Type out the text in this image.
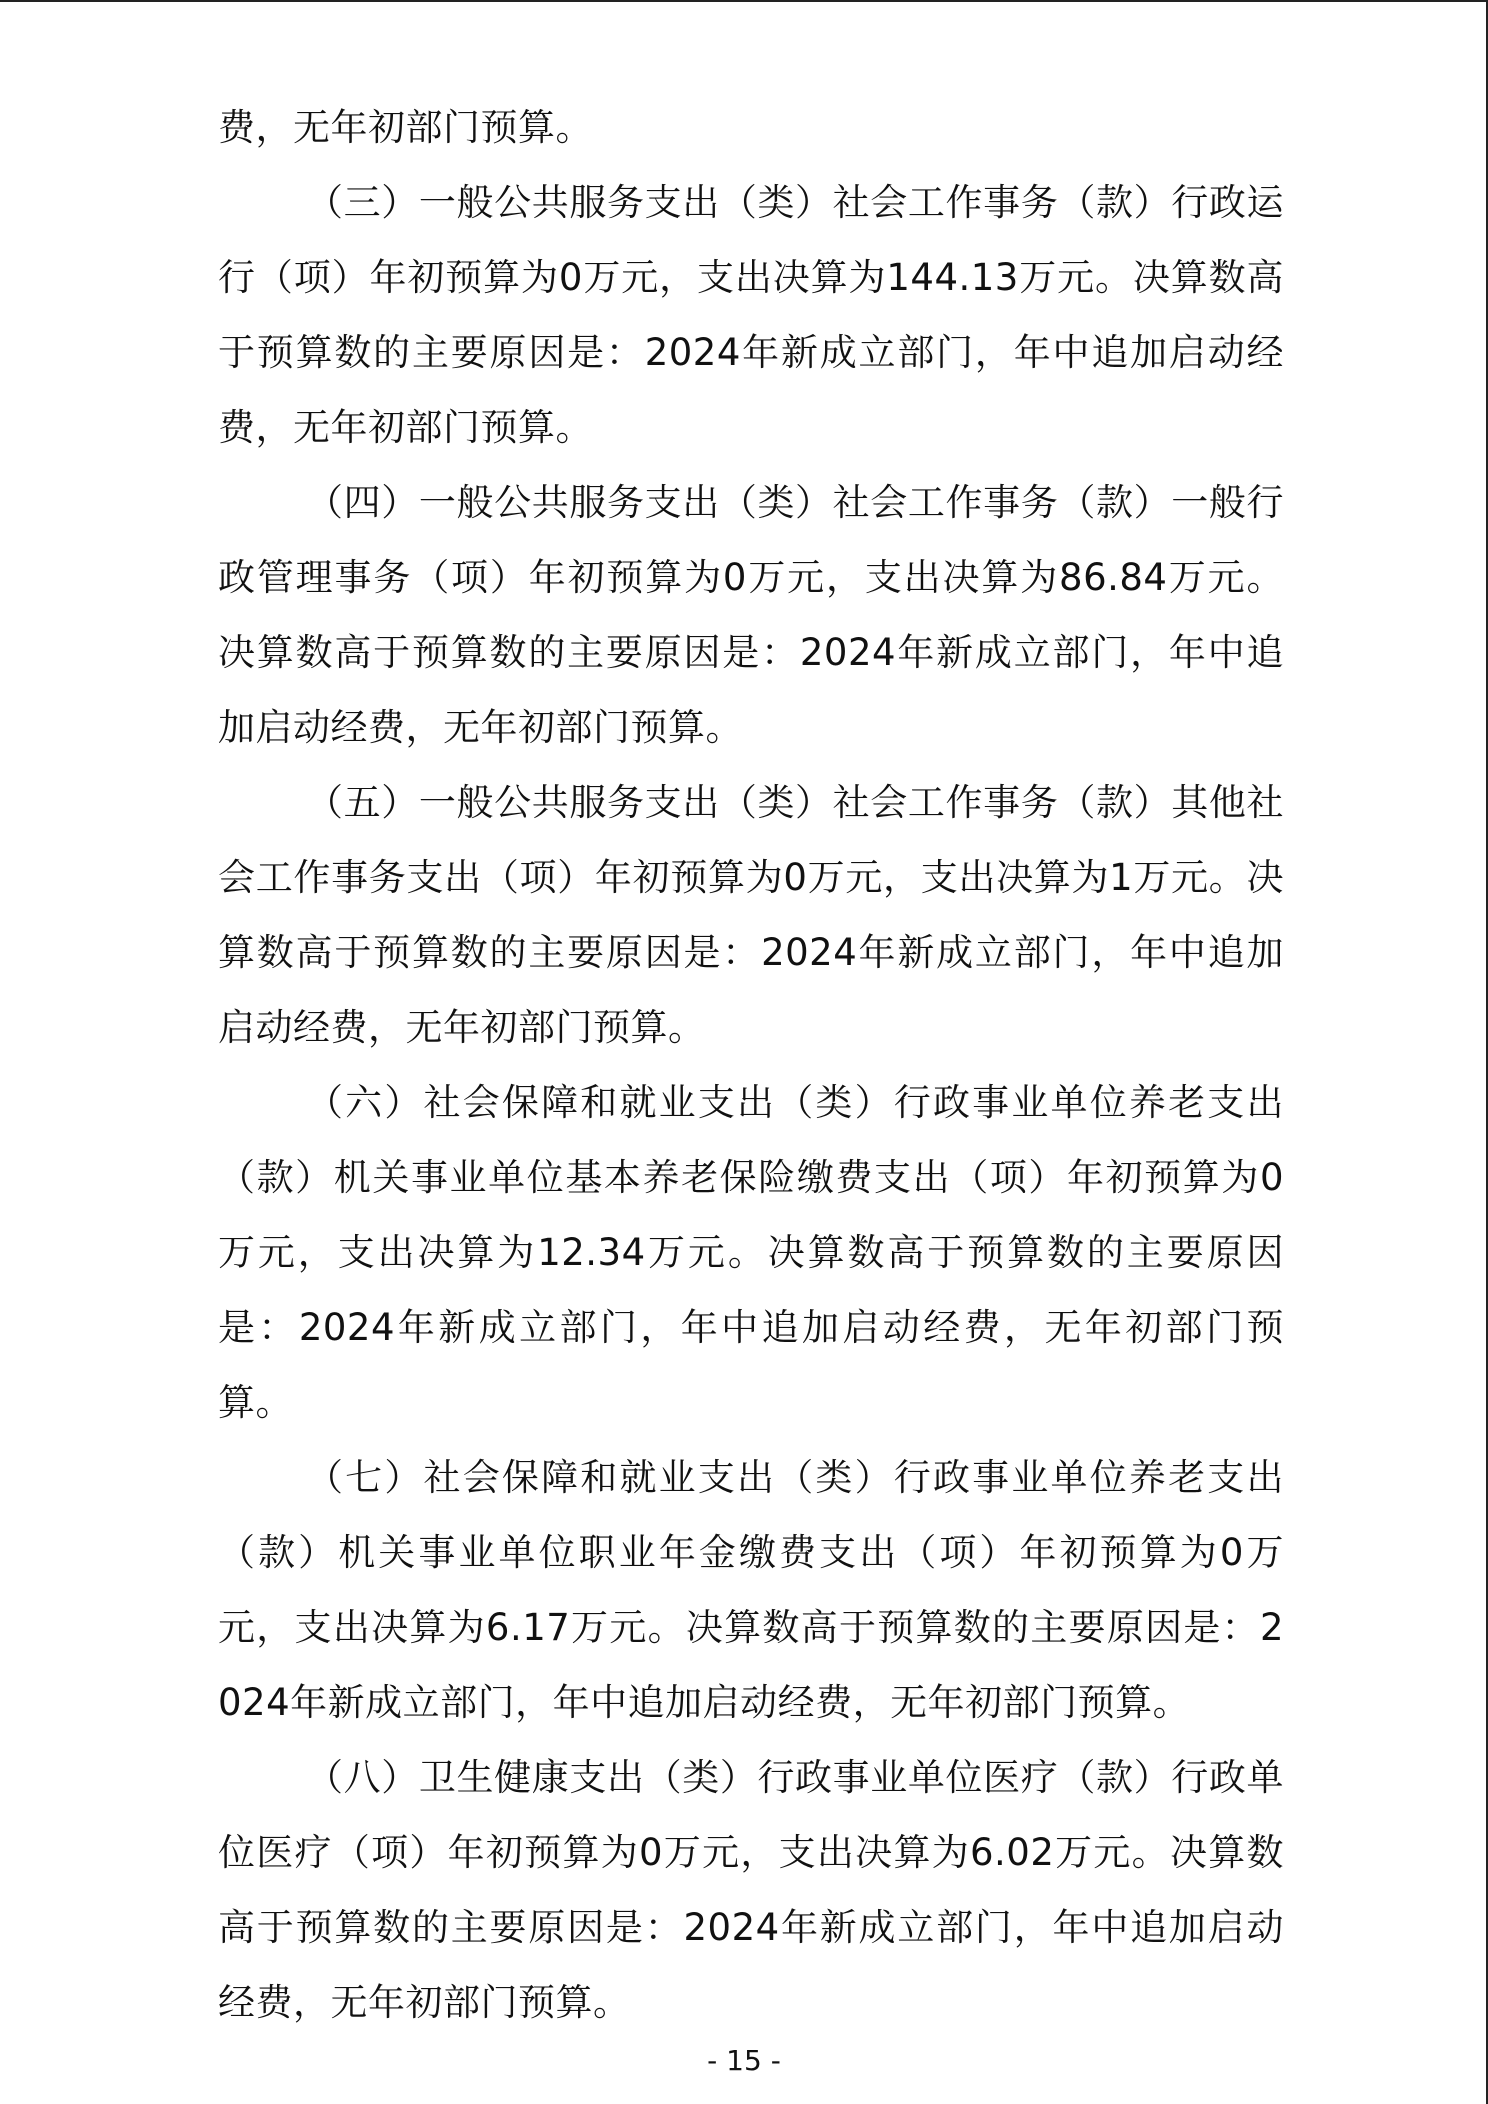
费，无年初部门预算。

（三）一般公共服务支出（类）社会工作事务（款）行政运行（项）年初预算为0万元，支出决算为144.13万元。决算数高于预算数的主要原因是：2024年新成立部门，年中追加启动经费，无年初部门预算。

（四）一般公共服务支出（类）社会工作事务（款）一般行政管理事务（项）年初预算为0万元，支出决算为86.84万元。决算数高于预算数的主要原因是：2024年新成立部门，年中追加启动经费，无年初部门预算。

（五）一般公共服务支出（类）社会工作事务（款）其他社会工作事务支出（项）年初预算为0万元，支出决算为1万元。决算数高于预算数的主要原因是：2024年新成立部门，年中追加启动经费，无年初部门预算。

（六）社会保障和就业支出（类）行政事业单位养老支出（款）机关事业单位基本养老保险缴费支出（项）年初预算为0万元，支出决算为12.34万元。决算数高于预算数的主要原因是：2024年新成立部门，年中追加启动经费，无年初部门预算。

（七）社会保障和就业支出（类）行政事业单位养老支出（款）机关事业单位职业年金缴费支出（项）年初预算为0万元，支出决算为6.17万元。决算数高于预算数的主要原因是：2024年新成立部门，年中追加启动经费，无年初部门预算。

（八）卫生健康支出（类）行政事业单位医疗（款）行政单位医疗（项）年初预算为0万元，支出决算为6.02万元。决算数高于预算数的主要原因是：2024年新成立部门，年中追加启动经费，无年初部门预算。

- 15 -
